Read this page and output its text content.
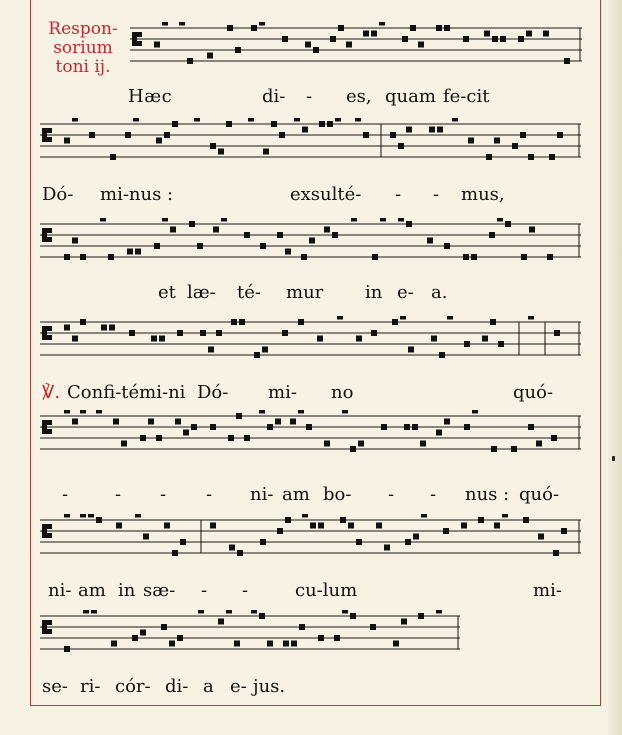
Respon-
sorium
toni ij.
Hæc	di- - es, quam fe-cit
Dó- mi-nus :	exsulté- - - mus,
et læ- té- mur in e- a.
℣. Confi-témi-ni Dó- mi- no	quó-
-	- - - ni- am bo- - - nus : quó-
ni- am in sæ- - -	cu-lum	mi-
se- ri- cór- di- a e- jus.
